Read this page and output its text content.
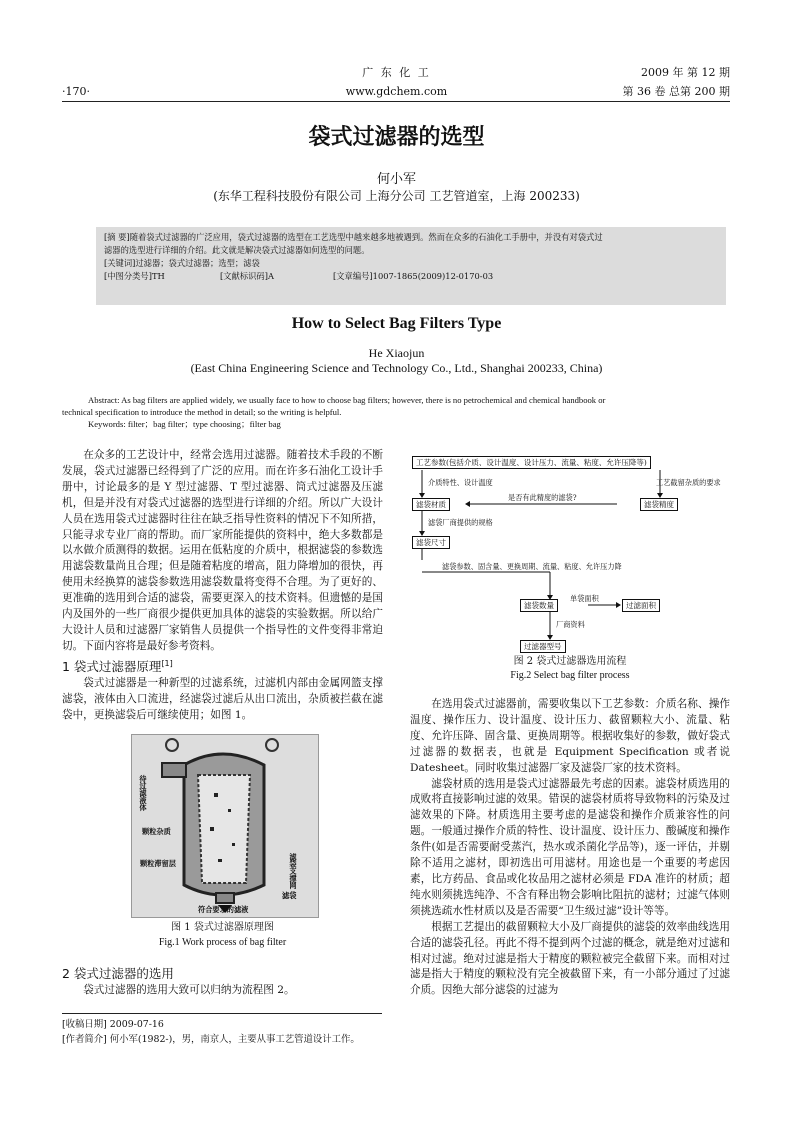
广 东 化 工
·170·	www.gdchem.com
2009 年 第 12 期
第 36 卷 总第 200 期
袋式过滤器的选型
何小军
(东华工程科技股份有限公司 上海分公司 工艺管道室，上海 200233)
[摘 要]随着袋式过滤器的广泛应用，袋式过滤器的选型在工艺选型中越来越多地被遇到。然而在众多的石油化工手册中，并没有对袋式过
滤器的选型进行详细的介绍。此文就是解决袋式过滤器如何选型的问题。
[关键词]过滤器；袋式过滤器；选型；滤袋
[中图分类号]TH	[文献标识码]A	[文章编号]1007-1865(2009)12-0170-03
How to Select Bag Filters Type
He Xiaojun
(East China Engineering Science and Technology Co., Ltd., Shanghai 200233, China)
Abstract: As bag filters are applied widely, we usually face to how to choose bag filters; however, there is no petrochemical and chemical handbook or
technical specification to introduce the method in detail; so the writing is helpful.
Keywords: filter；bag filter；type choosing；filter bag

在众多的工艺设计中，经常会选用过滤器。随着技术手段的不断发展，袋式过滤器已经得到了广泛的应用。而在许多石油化工设计手册中，讨论最多的是 Y 型过滤器、T 型过滤器、筒式过滤器及压滤机，但是并没有对袋式过滤器的选型进行详细的介绍。所以广大设计人员在选用袋式过滤器时往往在缺乏指导性资料的情况下不知所措，只能寻求专业厂商的帮助。而厂家所能提供的资料中，绝大多数都是以水做介质测得的数据。运用在低粘度的介质中，根据滤袋的参数选用滤袋数量尚且合理；但是随着粘度的增高，阻力降增加的很快，再使用未经换算的滤袋参数选用滤袋数量将变得不合理。为了更好的、更准确的选用到合适的滤袋，需要更深入的技术资料。但遗憾的是国内及国外的一些厂商很少提供更加具体的滤袋的实验数据。所以给广大设计人员和过滤器厂家销售人员提供一个指导性的文件变得非常迫切。下面内容将是最好参考资料。

1 袋式过滤器原理[1]

袋式过滤器是一种新型的过滤系统，过滤机内部由金属网篮支撑滤袋，液体由入口流进，经滤袋过滤后从出口流出，杂质被拦截在滤袋中，更换滤袋后可继续使用；如图 1。

待过滤液体
颗粒杂质
颗粒滞留层	滤袋支撑网
滤袋
符合要求的滤液
图 1 袋式过滤器原理图
Fig.1 Work process of bag filter

2 袋式过滤器的选用

袋式过滤器的选用大致可以归纳为流程图 2。

工艺参数(包括介质、设计温度、设计压力、流量、粘度、允许压降等)
介质特性、设计温度	工艺截留杂质的要求
滤袋材质
是否有此精度的滤袋?
滤袋精度
滤袋厂商提供的规格
滤袋尺寸
滤袋参数、固含量、更换周期、流量、粘度、允许压力降
滤袋数量
单袋面积
过滤面积
厂商资料
过滤器型号
图 2 袋式过滤器选用流程
Fig.2 Select bag filter process

在选用袋式过滤器前，需要收集以下工艺参数：介质名称、操作温度、操作压力、设计温度、设计压力、截留颗粒大小、流量、粘度、允许压降、固含量、更换周期等。根据收集好的参数，做好袋式过滤器的数据表，也就是 Equipment Specification 或者说 Datesheet。同时收集过滤器厂家及滤袋厂家的技术资料。

滤袋材质的选用是袋式过滤器最先考虑的因素。滤袋材质选用的成败将直接影响过滤的效果。错误的滤袋材质将导致物料的污染及过滤效果的下降。材质选用主要考虑的是滤袋和操作介质兼容性的问题。一般通过操作介质的特性、设计温度、设计压力、酸碱度和操作条件(如是否需要耐受蒸汽，热水或杀菌化学品等)，逐一评估，并剔除不适用之滤材，即初选出可用滤材。用途也是一个重要的考虑因素，比方药品、食品或化妆品用之滤材必须是 FDA 准许的材质；超纯水则须挑选纯净、不含有释出物会影响比阻抗的滤材；过滤气体则须挑选疏水性材质以及是否需要“卫生级过滤”设计等等。

根据工艺提出的截留颗粒大小及厂商提供的滤袋的效率曲线选用合适的滤袋孔径。再此不得不提到两个过滤的概念，就是绝对过滤和相对过滤。绝对过滤是指大于精度的颗粒被完全截留下来。而相对过滤是指大于精度的颗粒没有完全被截留下来，有一小部分通过了过滤介质。因绝大部分滤袋的过滤为

[收稿日期] 2009-07-16
[作者简介] 何小军(1982-)，男，南京人，主要从事工艺管道设计工作。
